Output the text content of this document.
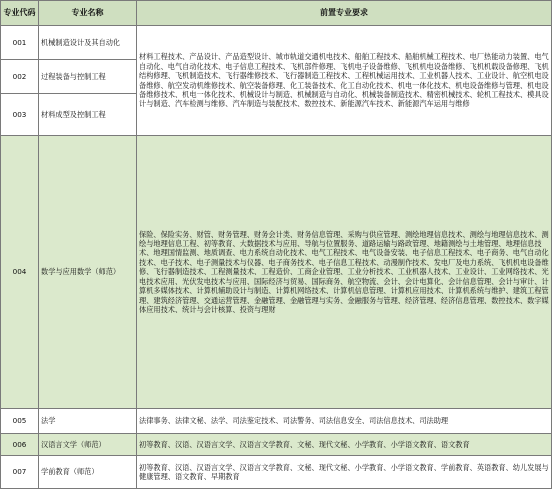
专业代码	专业名称	前置专业要求
001	机械制造设计及其自动化	材料工程技术、产品设计、产品造型设计、城市轨道交通机电技术、船舶工程技术、船舶机械工程技术、电厂热能动力装置、电气自动化、电气自动化技术、电子信息工程技术、飞机部件修理、飞机电子设备维修、飞机机电设备维修、飞机机载设备修理、飞机结构修理、飞机制造技术、飞行器维修技术、飞行器制造工程技术、工程机械运用技术、工业机器人技术、工业设计、航空机电设备维修、航空发动机维修技术、航空装备修理、化工装备技术、化工自动化技术、机电一体化技术、机电设备维修与管理、机电设备维修技术、机电一体化技术、机械设计与制造、机械制造与自动化、机械装备制造技术、精密机械技术、轮机工程技术、模具设计与制造、汽车检测与维修、汽车制造与装配技术、数控技术、新能源汽车技术、新能源汽车运用与维修

002	过程装备与控制工程	
003	材料成型及控制工程	
004	数学与应用数学（师范）	保险、保险实务、财管、财务管理、财务会计类、财务信息管理、采购与供应管理、测绘地理信息技术、测绘与地理信息技术、测绘与地理信息工程、初等教育、大数据技术与应用、导航与位置服务、道路运输与路政管理、地籍测绘与土地管理、地理信息技术、地理国情监测、地质调查、电力系统自动化技术、电气工程技术、电气设备安装、电子信息工程技术、电子商务、电气自动化技术、电子技术、电子测量技术与仪器、电子商务技术、电子信息工程技术、动漫制作技术、发电厂及电力系统、飞机机电设备维修、飞行器制造技术、工程测量技术、工程造价、工商企业管理、工业分析技术、工业机器人技术、工业设计、工业网络技术、光电技术应用、光伏发电技术与应用、国际经济与贸易、国际商务、航空物流、会计、会计电算化、会计信息管理、会计与审计、计算机多媒体技术、计算机辅助设计与制造、计算机网络技术、计算机信息管理、计算机应用技术、计算机系统与维护、建筑工程管理、建筑经济管理、交通运营管理、金融管理、金融管理与实务、金融服务与管理、经济管理、经济信息管理、数控技术、数字媒体应用技术、统计与会计核算、投资与理财

005	法学	法律事务、法律文秘、法学、司法鉴定技术、司法警务、司法信息安全、司法信息技术、司法助理
006	汉语言文学（师范）	初等教育、汉语、汉语言文学、汉语言文学教育、文秘、现代文秘、小学教育、小学语文教育、语文教育
007	学前教育（师范）	初等教育、汉语、汉语言文学、汉语言文学教育、文秘、现代文秘、小学教育、小学语文教育、学前教育、英语教育、幼儿发展与健康管理、语文教育、早期教育
